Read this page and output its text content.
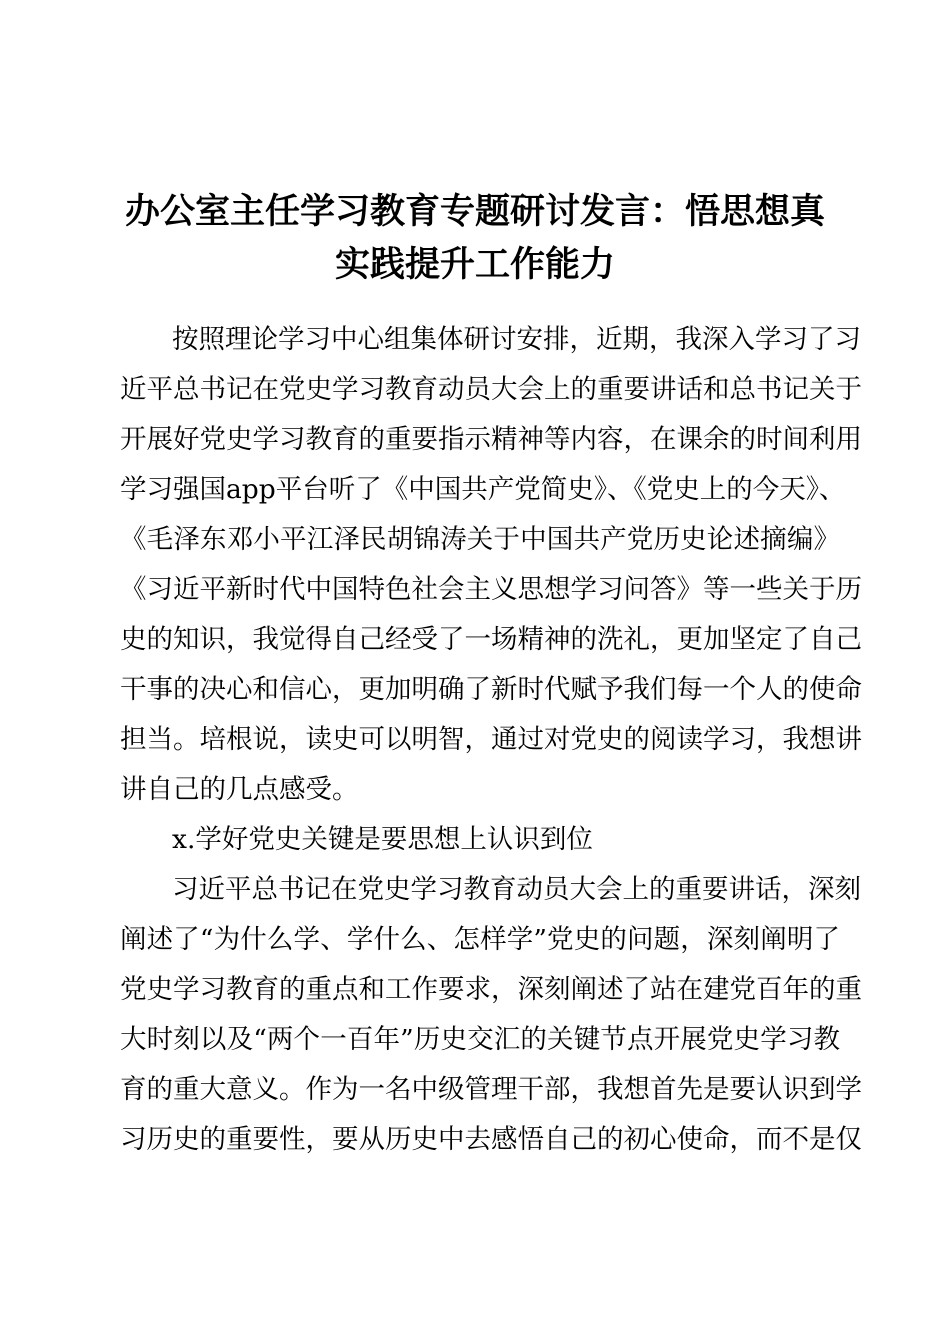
办公室主任学习教育专题研讨发言：悟思想真
实践提升工作能力
按照理论学习中心组集体研讨安排，近期，我深入学习了习
近平总书记在党史学习教育动员大会上的重要讲话和总书记关于
开展好党史学习教育的重要指示精神等内容，在课余的时间利用
学习强国app平台听了《中国共产党简史》、《党史上的今天》、
《毛泽东邓小平江泽民胡锦涛关于中国共产党历史论述摘编》
《习近平新时代中国特色社会主义思想学习问答》等一些关于历
史的知识，我觉得自己经受了一场精神的洗礼，更加坚定了自己
干事的决心和信心，更加明确了新时代赋予我们每一个人的使命
担当。培根说，读史可以明智，通过对党史的阅读学习，我想讲
讲自己的几点感受。
x.学好党史关键是要思想上认识到位
习近平总书记在党史学习教育动员大会上的重要讲话，深刻
阐述了“为什么学、学什么、怎样学”党史的问题，深刻阐明了
党史学习教育的重点和工作要求，深刻阐述了站在建党百年的重
大时刻以及“两个一百年”历史交汇的关键节点开展党史学习教
育的重大意义。作为一名中级管理干部，我想首先是要认识到学
习历史的重要性，要从历史中去感悟自己的初心使命，而不是仅
